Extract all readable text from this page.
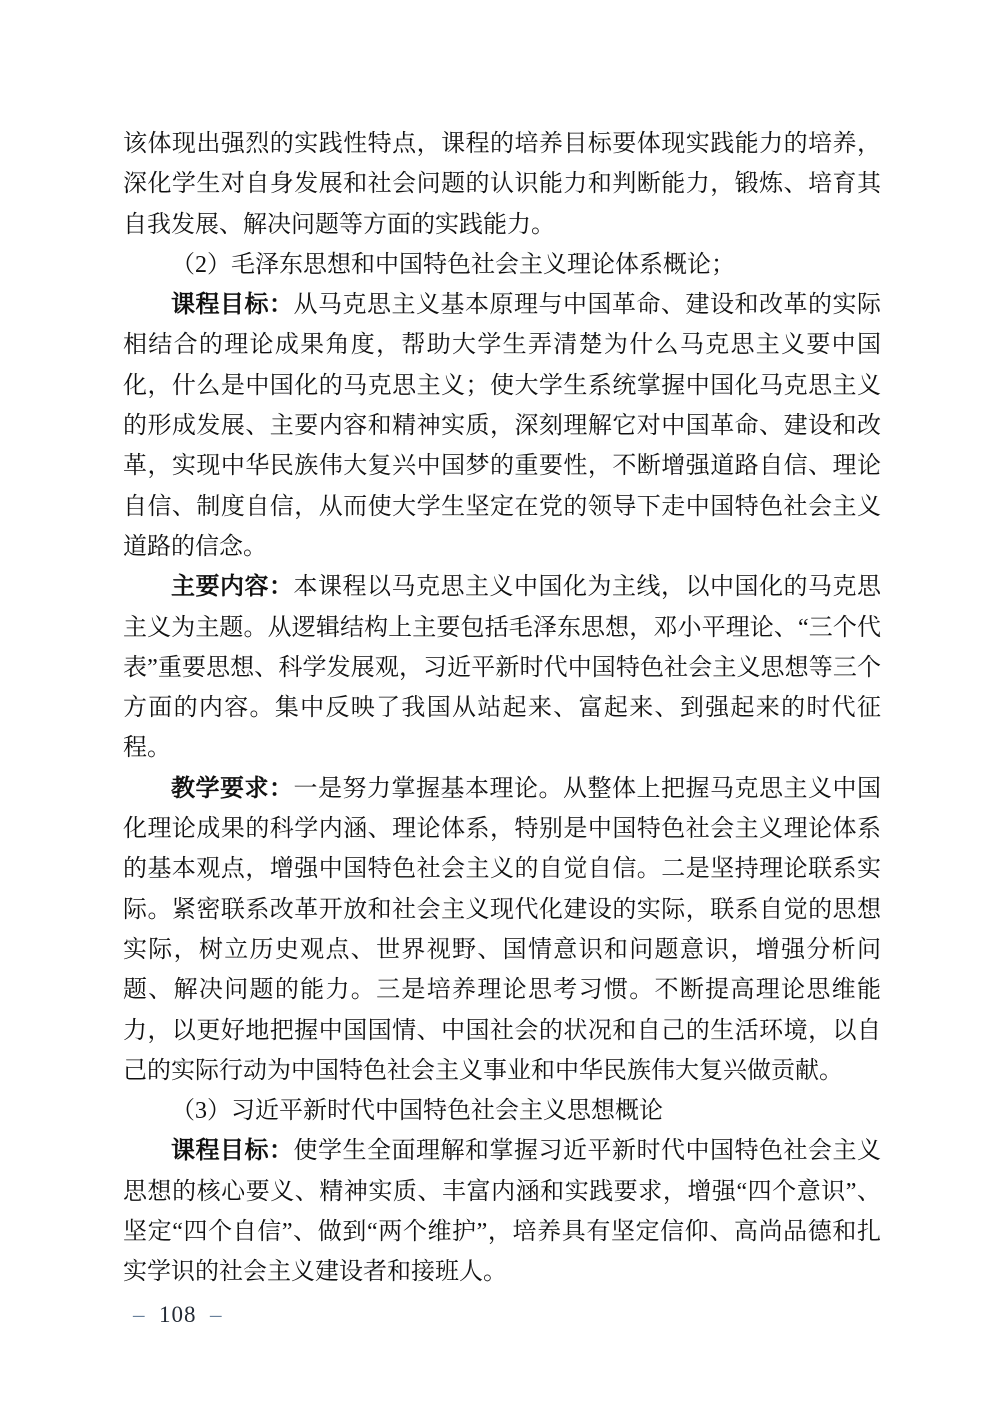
该体现出强烈的实践性特点，课程的培养目标要体现实践能力的培养，深化学生对自身发展和社会问题的认识能力和判断能力，锻炼、培育其自我发展、解决问题等方面的实践能力。

（2）毛泽东思想和中国特色社会主义理论体系概论；

课程目标：从马克思主义基本原理与中国革命、建设和改革的实际相结合的理论成果角度，帮助大学生弄清楚为什么马克思主义要中国化，什么是中国化的马克思主义；使大学生系统掌握中国化马克思主义的形成发展、主要内容和精神实质，深刻理解它对中国革命、建设和改革，实现中华民族伟大复兴中国梦的重要性，不断增强道路自信、理论自信、制度自信，从而使大学生坚定在党的领导下走中国特色社会主义道路的信念。

主要内容：本课程以马克思主义中国化为主线，以中国化的马克思主义为主题。从逻辑结构上主要包括毛泽东思想，邓小平理论、“三个代表”重要思想、科学发展观，习近平新时代中国特色社会主义思想等三个方面的内容。集中反映了我国从站起来、富起来、到强起来的时代征程。

教学要求：一是努力掌握基本理论。从整体上把握马克思主义中国化理论成果的科学内涵、理论体系，特别是中国特色社会主义理论体系的基本观点，增强中国特色社会主义的自觉自信。二是坚持理论联系实际。紧密联系改革开放和社会主义现代化建设的实际，联系自觉的思想实际，树立历史观点、世界视野、国情意识和问题意识，增强分析问题、解决问题的能力。三是培养理论思考习惯。不断提高理论思维能力，以更好地把握中国国情、中国社会的状况和自己的生活环境，以自己的实际行动为中国特色社会主义事业和中华民族伟大复兴做贡献。

（3）习近平新时代中国特色社会主义思想概论

课程目标：使学生全面理解和掌握习近平新时代中国特色社会主义思想的核心要义、精神实质、丰富内涵和实践要求，增强“四个意识”、坚定“四个自信”、做到“两个维护”，培养具有坚定信仰、高尚品德和扎实学识的社会主义建设者和接班人。

– 108 –
